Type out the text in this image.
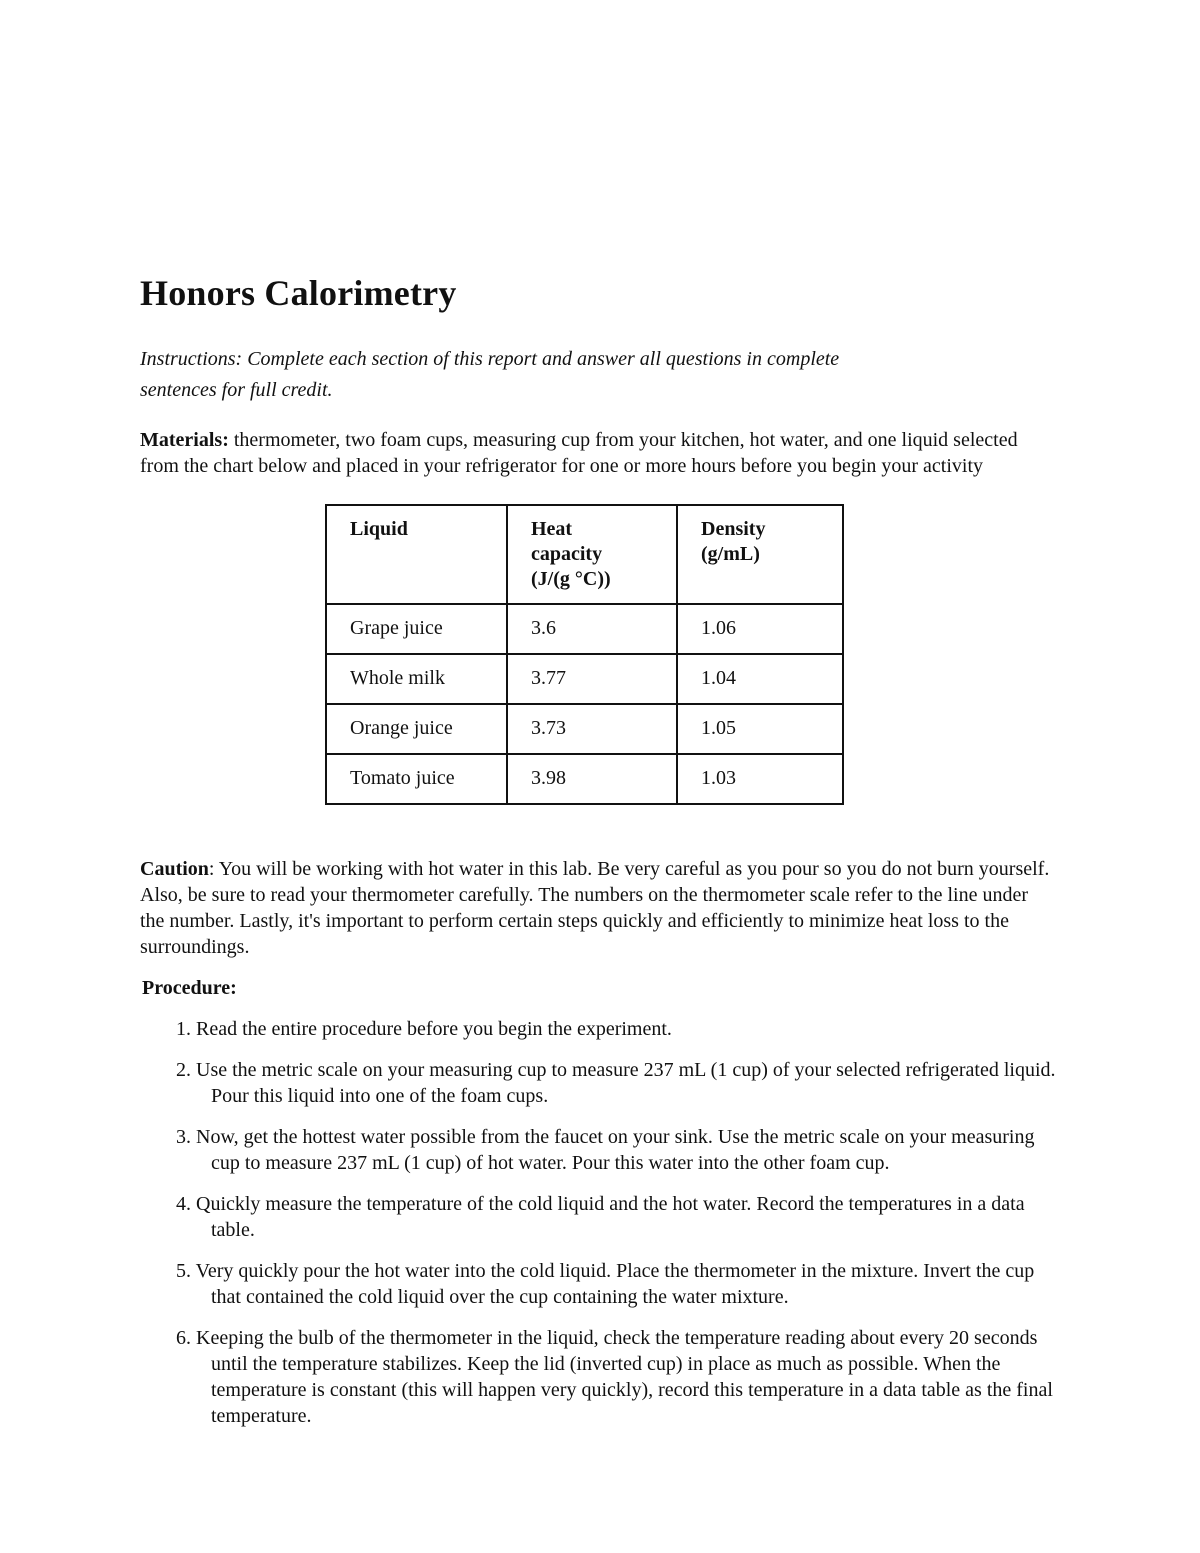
Honors Calorimetry

Instructions: Complete each section of this report and answer all questions in complete sentences for full credit.

Materials: thermometer, two foam cups, measuring cup from your kitchen, hot water, and one liquid selected from the chart below and placed in your refrigerator for one or more hours before you begin your activity

Liquid	Heat capacity (J/(g °C))	Density (g/mL)
Grape juice	3.6	1.06
Whole milk	3.77	1.04
Orange juice	3.73	1.05
Tomato juice	3.98	1.03

Caution: You will be working with hot water in this lab. Be very careful as you pour so you do not burn yourself. Also, be sure to read your thermometer carefully. The numbers on the thermometer scale refer to the line under the number. Lastly, it's important to perform certain steps quickly and efficiently to minimize heat loss to the surroundings.

Procedure:

1. Read the entire procedure before you begin the experiment.
2. Use the metric scale on your measuring cup to measure 237 mL (1 cup) of your selected refrigerated liquid. Pour this liquid into one of the foam cups.
3. Now, get the hottest water possible from the faucet on your sink. Use the metric scale on your measuring cup to measure 237 mL (1 cup) of hot water. Pour this water into the other foam cup.
4. Quickly measure the temperature of the cold liquid and the hot water. Record the temperatures in a data table.
5. Very quickly pour the hot water into the cold liquid. Place the thermometer in the mixture. Invert the cup that contained the cold liquid over the cup containing the water mixture.
6. Keeping the bulb of the thermometer in the liquid, check the temperature reading about every 20 seconds until the temperature stabilizes. Keep the lid (inverted cup) in place as much as possible. When the temperature is constant (this will happen very quickly), record this temperature in a data table as the final temperature.
